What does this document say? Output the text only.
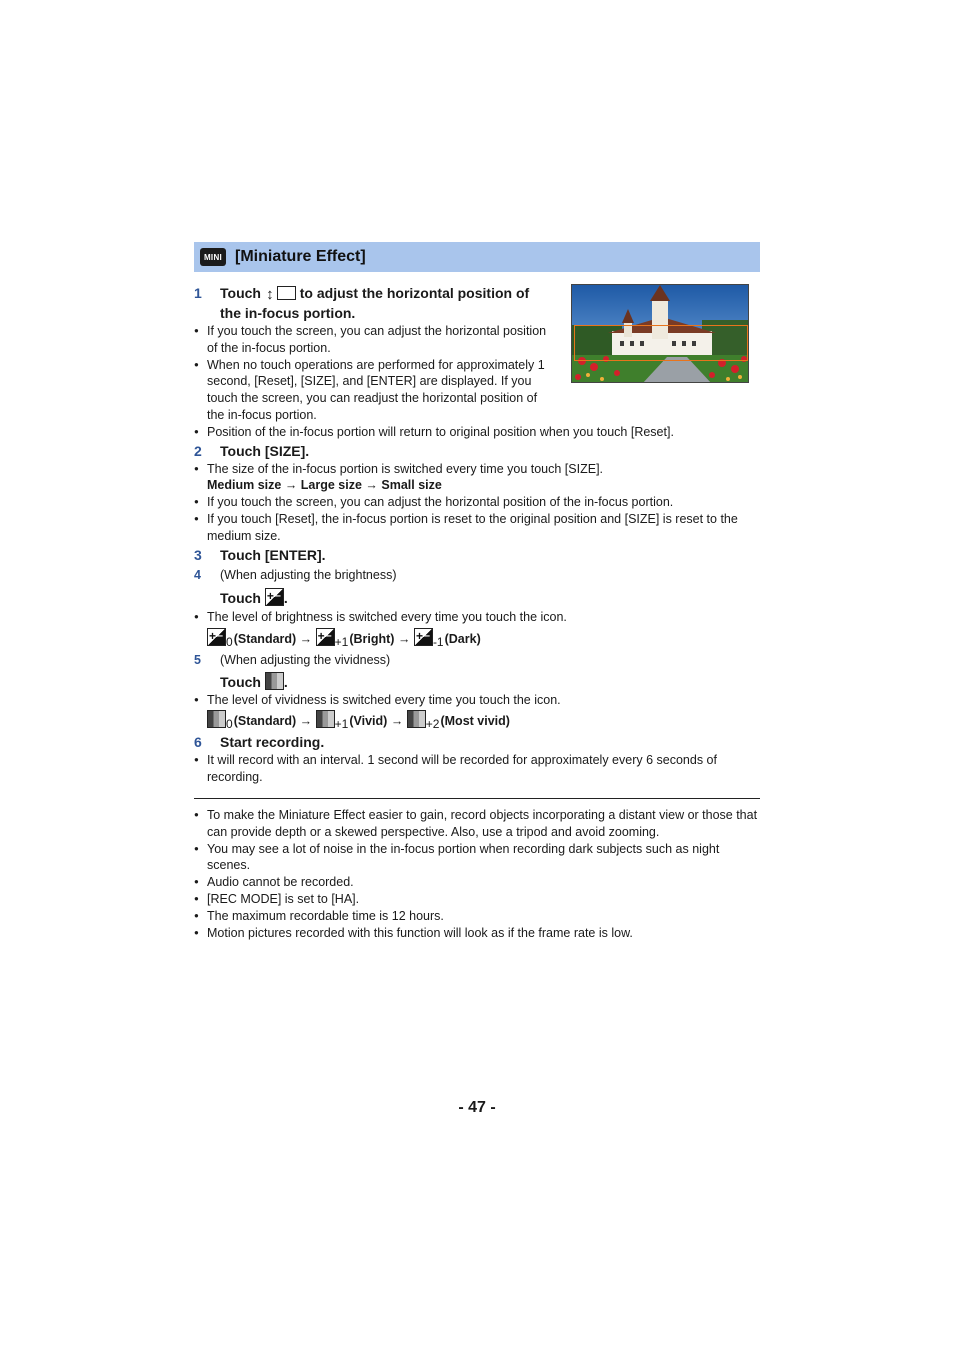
MINI [Miniature Effect]
1 Touch ↕ to adjust the horizontal position of
the in-focus portion.
● If you touch the screen, you can adjust the horizontal position of the in-focus portion.
● When no touch operations are performed for approximately 1 second, [Reset], [SIZE], and [ENTER] are displayed. If you touch the screen, you can readjust the horizontal position of the in-focus portion.
● Position of the in-focus portion will return to original position when you touch [Reset].
2 Touch [SIZE].
● The size of the in-focus portion is switched every time you touch [SIZE].
Medium size → Large size → Small size
● If you touch the screen, you can adjust the horizontal position of the in-focus portion.
● If you touch [Reset], the in-focus portion is reset to the original position and [SIZE] is reset to the medium size.
3 Touch [ENTER].
4 (When adjusting the brightness)
Touch + – .
● The level of brightness is switched every time you touch the icon.
+ –0(Standard) → + – +1(Bright) → + – -1(Dark)
5 (When adjusting the vividness)
Touch .
● The level of vividness is switched every time you touch the icon.
0(Standard) → +1(Vivid) → +2(Most vivid)
6 Start recording.
● It will record with an interval. 1 second will be recorded for approximately every 6 seconds of recording.
● To make the Miniature Effect easier to gain, record objects incorporating a distant view or those that can provide depth or a skewed perspective. Also, use a tripod and avoid zooming.
● You may see a lot of noise in the in-focus portion when recording dark subjects such as night scenes.
● Audio cannot be recorded.
● [REC MODE] is set to [HA].
● The maximum recordable time is 12 hours.
● Motion pictures recorded with this function will look as if the frame rate is low.
- 47 -
